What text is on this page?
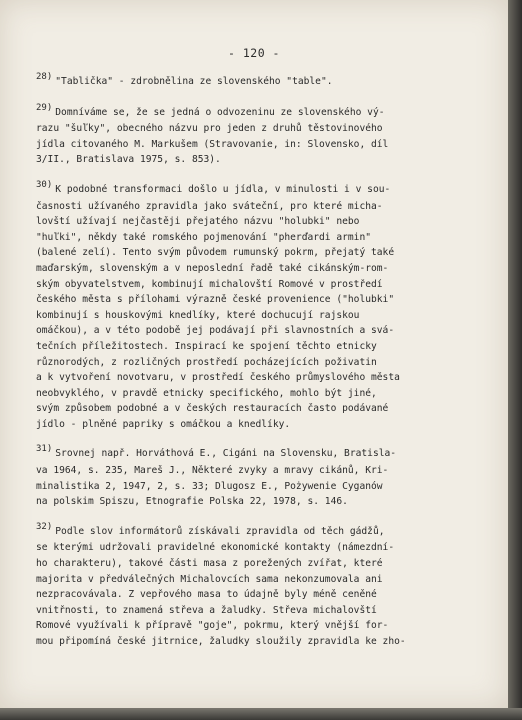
- 120 -
28) "Tablička" - zdrobnělina ze slovenského "table".
29) Domníváme se, že se jedná o odvozeninu ze slovenského vý-
razu "šuľky", obecného názvu pro jeden z druhů těstovinového
jídla citovaného M. Markušem (Stravovanie, in: Slovensko, díl
3/II., Bratislava 1975, s. 853).
30) K podobné transformaci došlo u jídla, v minulosti i v sou-
časnosti užívaného zpravidla jako sváteční, pro které micha-
lovští užívají nejčastěji přejatého názvu "holubki" nebo
"huľki", někdy také romského pojmenování "pherďardi armin"
(balené zelí). Tento svým původem rumunský pokrm, přejatý také
maďarským, slovenským a v neposlední řadě také cikánským-rom-
ským obyvatelstvem, kombinují michalovští Romové v prostředí
českého města s přílohami výrazně české provenience ("holubki"
kombinují s houskovými knedlíky, které dochucují rajskou
omáčkou), a v této podobě jej podávají při slavnostních a svá-
tečních příležitostech. Inspirací ke spojení těchto etnicky
různorodých, z rozličných prostředí pocházejících poživatin
a k vytvoření novotvaru, v prostředí českého průmyslového města
neobvyklého, v pravdě etnicky specifického, mohlo být jiné,
svým způsobem podobné a v českých restauracích často podávané
jídlo - plněné papriky s omáčkou a knedlíky.
31) Srovnej např. Horváthová E., Cigáni na Slovensku, Bratisla-
va 1964, s. 235, Mareš J., Některé zvyky a mravy cikánů, Kri-
minalistika 2, 1947, 2, s. 33; Dlugosz E., Pożywenie Cyganów
na polskim Spiszu, Etnografie Polska 22, 1978, s. 146.
32) Podle slov informátorů získávali zpravidla od těch gádžů,
se kterými udržovali pravidelné ekonomické kontakty (námezdní-
ho charakteru), takové části masa z porežených zvířat, které
majorita v předválečných Michalovcích sama nekonzumovala ani
nezpracovávala. Z vepřového masa to údajně byly méně ceněné
vnitřnosti, to znamená střeva a žaludky. Střeva michalovští
Romové využívali k přípravě "goje", pokrmu, který vnější for-
mou připomíná české jitrnice, žaludky sloužily zpravidla ke zho-
